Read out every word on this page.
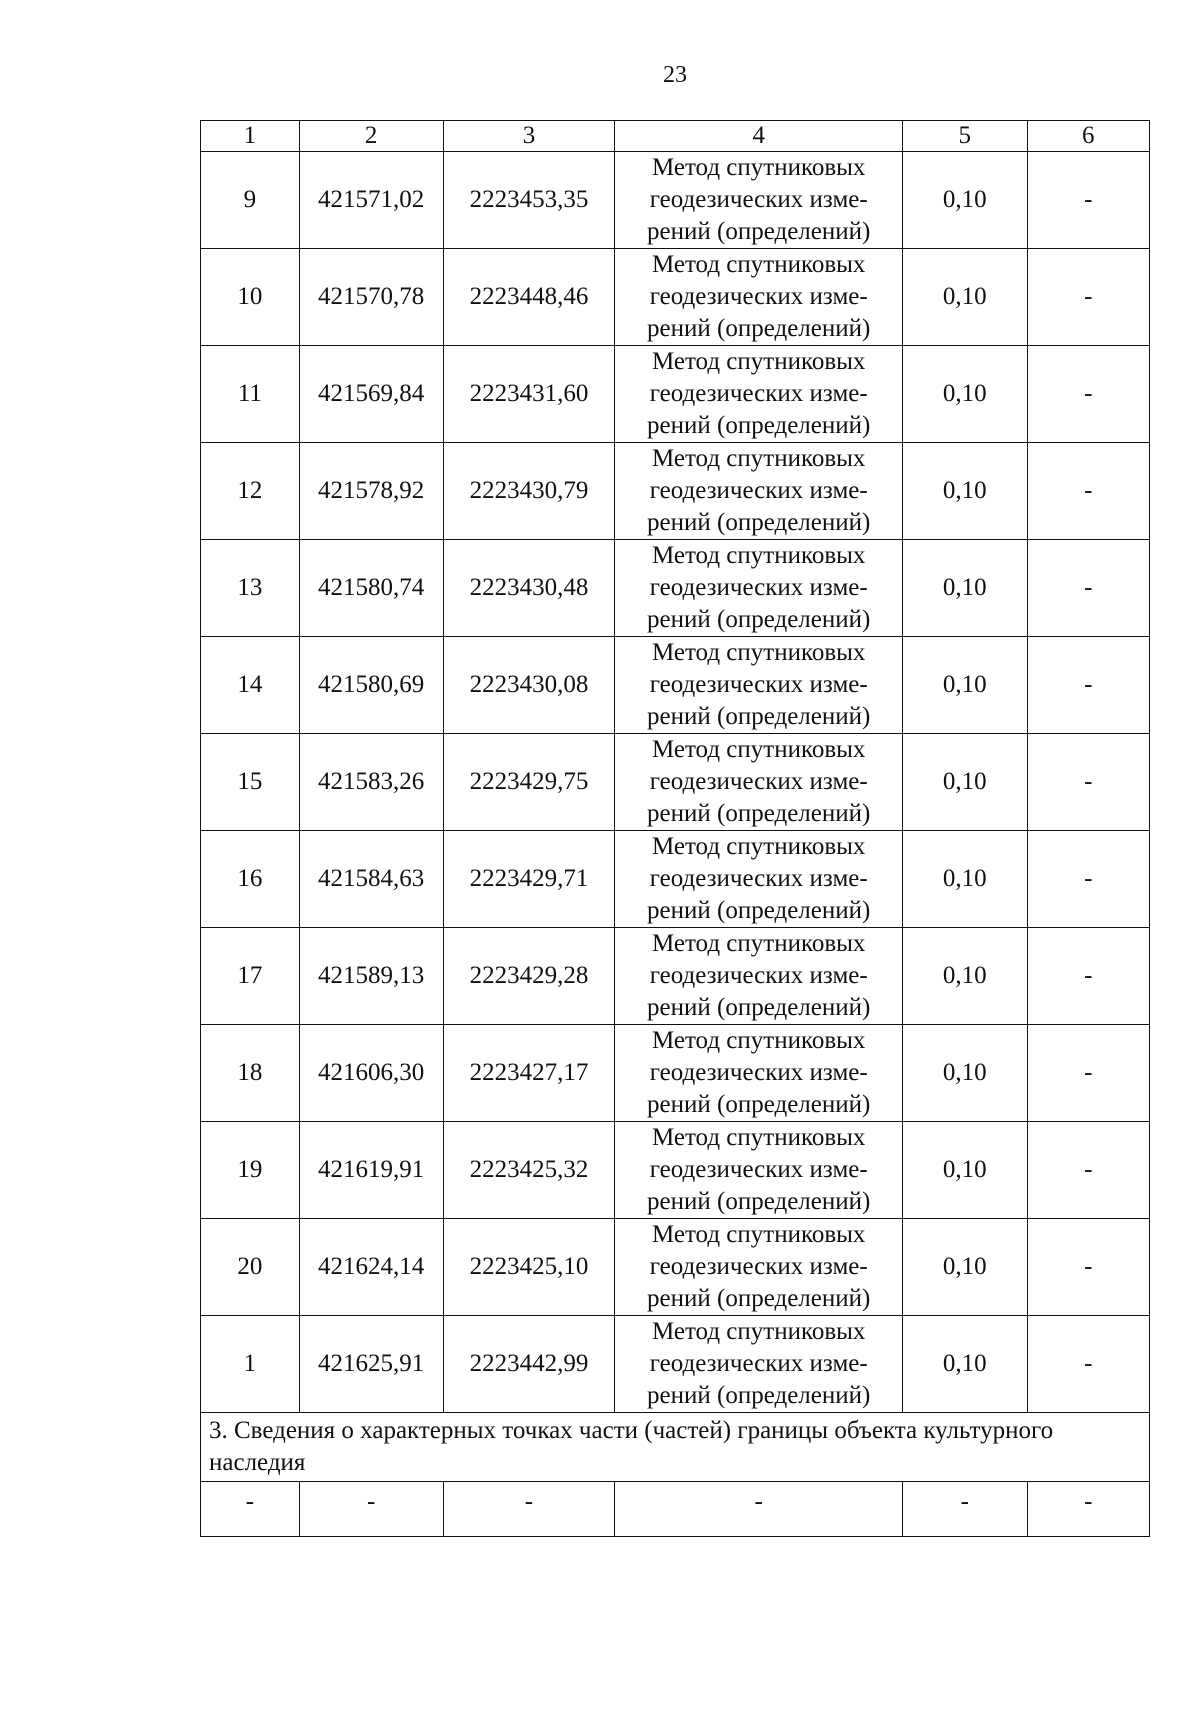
23
1	2	3	4	5	6
9	421571,02	2223453,35	Метод спутниковых
геодезических изме-
рений (определений)	0,10	-
10	421570,78	2223448,46	Метод спутниковых
геодезических изме-
рений (определений)	0,10	-
11	421569,84	2223431,60	Метод спутниковых
геодезических изме-
рений (определений)	0,10	-
12	421578,92	2223430,79	Метод спутниковых
геодезических изме-
рений (определений)	0,10	-
13	421580,74	2223430,48	Метод спутниковых
геодезических изме-
рений (определений)	0,10	-
14	421580,69	2223430,08	Метод спутниковых
геодезических изме-
рений (определений)	0,10	-
15	421583,26	2223429,75	Метод спутниковых
геодезических изме-
рений (определений)	0,10	-
16	421584,63	2223429,71	Метод спутниковых
геодезических изме-
рений (определений)	0,10	-
17	421589,13	2223429,28	Метод спутниковых
геодезических изме-
рений (определений)	0,10	-
18	421606,30	2223427,17	Метод спутниковых
геодезических изме-
рений (определений)	0,10	-
19	421619,91	2223425,32	Метод спутниковых
геодезических изме-
рений (определений)	0,10	-
20	421624,14	2223425,10	Метод спутниковых
геодезических изме-
рений (определений)	0,10	-
1	421625,91	2223442,99	Метод спутниковых
геодезических изме-
рений (определений)	0,10	-
3. Сведения о характерных точках части (частей) границы объекта культурного наследия					
-	-	-	-	-	-
